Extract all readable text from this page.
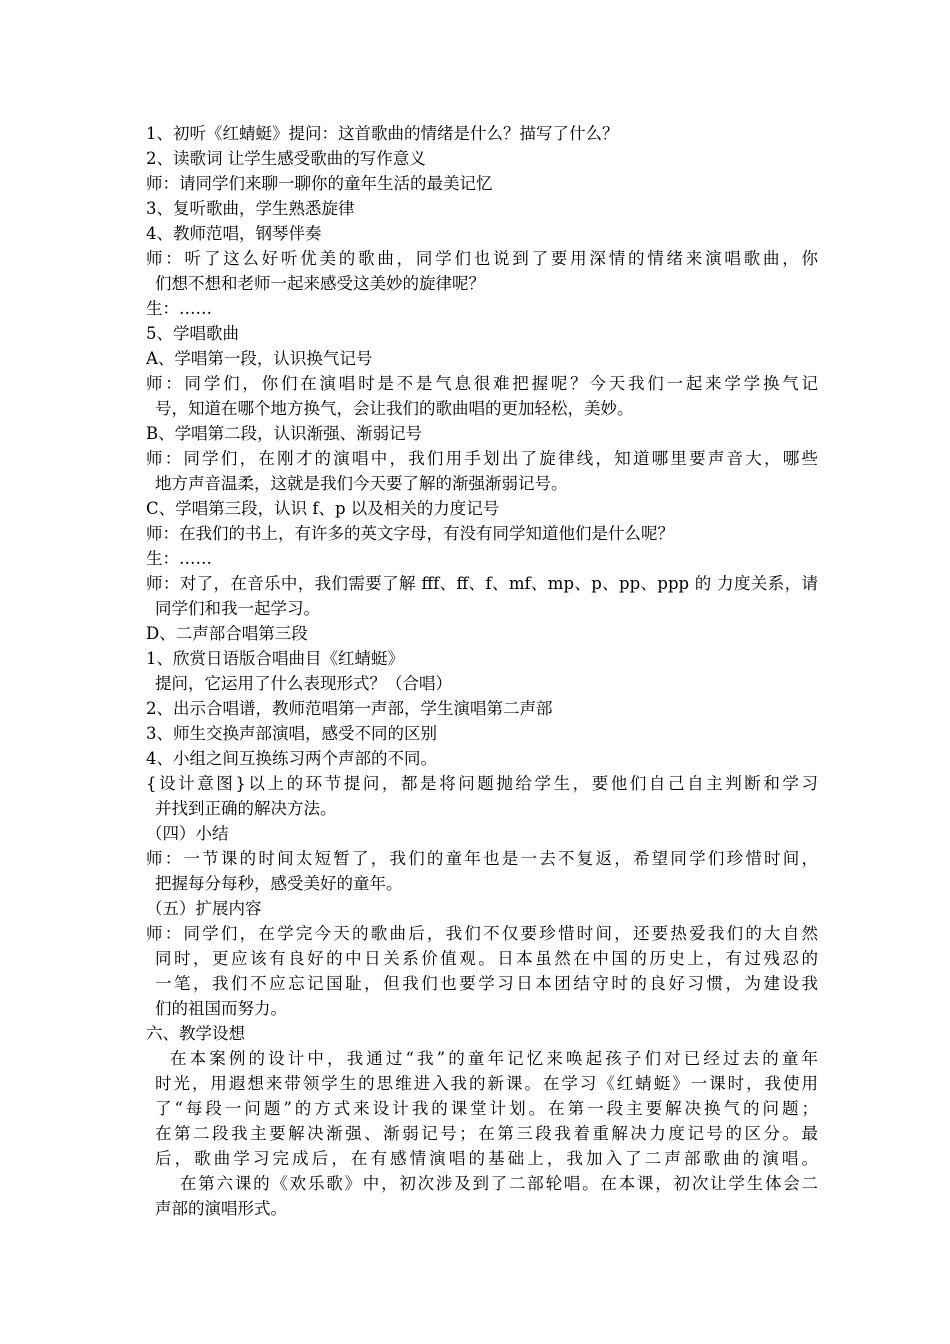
1、初听《红蜻蜓》提问：这首歌曲的情绪是什么？描写了什么？
2、读歌词 让学生感受歌曲的写作意义
师：请同学们来聊一聊你的童年生活的最美记忆
3、复听歌曲，学生熟悉旋律
4、教师范唱，钢琴伴奏
师：听了这么好听优美的歌曲，同学们也说到了要用深情的情绪来演唱歌曲，你
们想不想和老师一起来感受这美妙的旋律呢？
生：……
5、学唱歌曲
A、学唱第一段，认识换气记号
师：同学们，你们在演唱时是不是气息很难把握呢？今天我们一起来学学换气记
号，知道在哪个地方换气，会让我们的歌曲唱的更加轻松，美妙。
B、学唱第二段，认识渐强、渐弱记号
师：同学们，在刚才的演唱中，我们用手划出了旋律线，知道哪里要声音大，哪些
地方声音温柔，这就是我们今天要了解的渐强渐弱记号。
C、学唱第三段，认识 f、p 以及相关的力度记号
师：在我们的书上，有许多的英文字母，有没有同学知道他们是什么呢？
生：……
师：对了，在音乐中，我们需要了解 fff、ff、f、mf、mp、p、pp、ppp 的 力度关系，请
同学们和我一起学习。
D、二声部合唱第三段
1、欣赏日语版合唱曲目《红蜻蜓》
提问，它运用了什么表现形式？（合唱）
2、出示合唱谱，教师范唱第一声部，学生演唱第二声部
3、师生交换声部演唱，感受不同的区别
4、小组之间互换练习两个声部的不同。
{设计意图}以上的环节提问，都是将问题抛给学生，要他们自己自主判断和学习
并找到正确的解决方法。
（四）小结
师：一节课的时间太短暂了，我们的童年也是一去不复返，希望同学们珍惜时间，
把握每分每秒，感受美好的童年。
（五）扩展内容
师：同学们，在学完今天的歌曲后，我们不仅要珍惜时间，还要热爱我们的大自然
同时，更应该有良好的中日关系价值观。日本虽然在中国的历史上，有过残忍的
一笔，我们不应忘记国耻，但我们也要学习日本团结守时的良好习惯，为建设我
们的祖国而努力。
六、教学设想
在本案例的设计中，我通过“我”的童年记忆来唤起孩子们对已经过去的童年
时光，用遐想来带领学生的思维进入我的新课。在学习《红蜻蜓》一课时，我使用
了“每段一问题”的方式来设计我的课堂计划。在第一段主要解决换气的问题；
在第二段我主要解决渐强、渐弱记号；在第三段我着重解决力度记号的区分。最
后，歌曲学习完成后，在有感情演唱的基础上，我加入了二声部歌曲的演唱。
在第六课的《欢乐歌》中，初次涉及到了二部轮唱。在本课，初次让学生体会二
声部的演唱形式。
